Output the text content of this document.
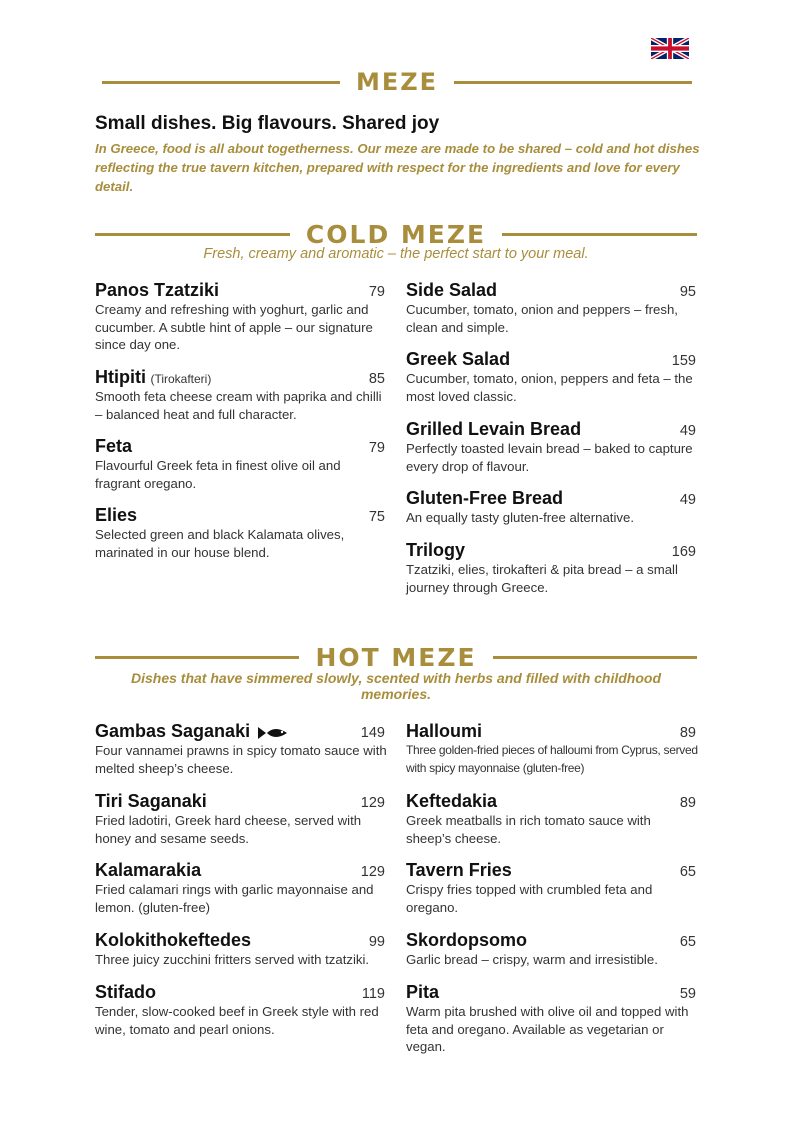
MEZE
Small dishes. Big flavours. Shared joy
In Greece, food is all about togetherness. Our meze are made to be shared – cold and hot dishes reflecting the true tavern kitchen, prepared with respect for the ingredients and love for every detail.
COLD MEZE
Fresh, creamy and aromatic – the perfect start to your meal.
Panos Tzatziki	79
Creamy and refreshing with yoghurt, garlic and cucumber. A subtle hint of apple – our signature since day one.
Htipiti (Tirokafteri)	85
Smooth feta cheese cream with paprika and chilli – balanced heat and full character.
Feta	79
Flavourful Greek feta in finest olive oil and fragrant oregano.
Elies	75
Selected green and black Kalamata olives, marinated in our house blend.
Side Salad	95
Cucumber, tomato, onion and peppers – fresh, clean and simple.
Greek Salad	159
Cucumber, tomato, onion, peppers and feta – the most loved classic.
Grilled Levain Bread	49
Perfectly toasted levain bread – baked to capture every drop of flavour.
Gluten-Free Bread	49
An equally tasty gluten-free alternative.
Trilogy	169
Tzatziki, elies, tirokafteri & pita bread – a small journey through Greece.
HOT MEZE
Dishes that have simmered slowly, scented with herbs and filled with childhood memories.
Gambas Saganaki	149
Four vannamei prawns in spicy tomato sauce with melted sheep’s cheese.
Tiri Saganaki	129
Fried ladotiri, Greek hard cheese, served with honey and sesame seeds.
Kalamarakia	129
Fried calamari rings with garlic mayonnaise and lemon. (gluten-free)
Kolokithokeftedes	99
Three juicy zucchini fritters served with tzatziki.
Stifado	119
Tender, slow-cooked beef in Greek style with red wine, tomato and pearl onions.
Halloumi	89
Three golden-fried pieces of halloumi from Cyprus, served with spicy mayonnaise (gluten-free)
Keftedakia	89
Greek meatballs in rich tomato sauce with sheep’s cheese.
Tavern Fries	65
Crispy fries topped with crumbled feta and oregano.
Skordopsomo	65
Garlic bread – crispy, warm and irresistible.
Pita	59
Warm pita brushed with olive oil and topped with feta and oregano. Available as vegetarian or vegan.
